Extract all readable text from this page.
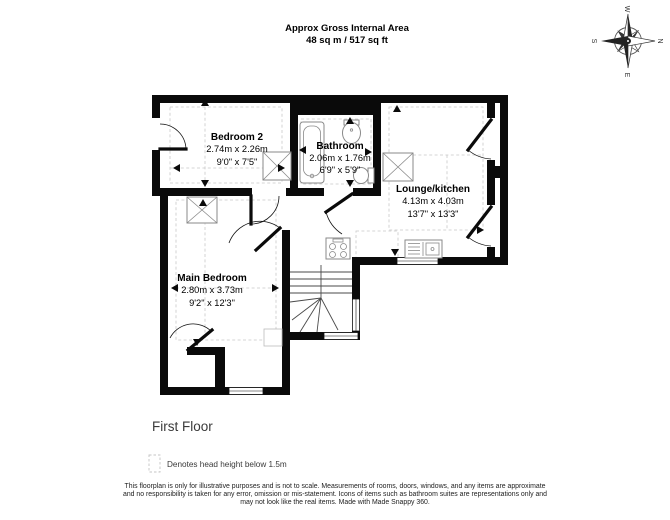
Approx Gross Internal Area
48 sq m / 517 sq ft
W
N
S
E
Bedroom 2
2.74m x 2.26m
9'0" x 7'5"
Bathroom
2.06m x 1.76m
6'9" x 5'9"
Lounge/kitchen
4.13m x 4.03m
13'7" x 13'3"
Main Bedroom
2.80m x 3.73m
9'2" x 12'3"
First Floor
Denotes head height below 1.5m
This floorplan is only for illustrative purposes and is not to scale. Measurements of rooms, doors, windows, and any items are approximate
and no responsibility is taken for any error, omission or mis-statement. Icons of items such as bathroom suites are representations only and
may not look like the real items. Made with Made Snappy 360.
